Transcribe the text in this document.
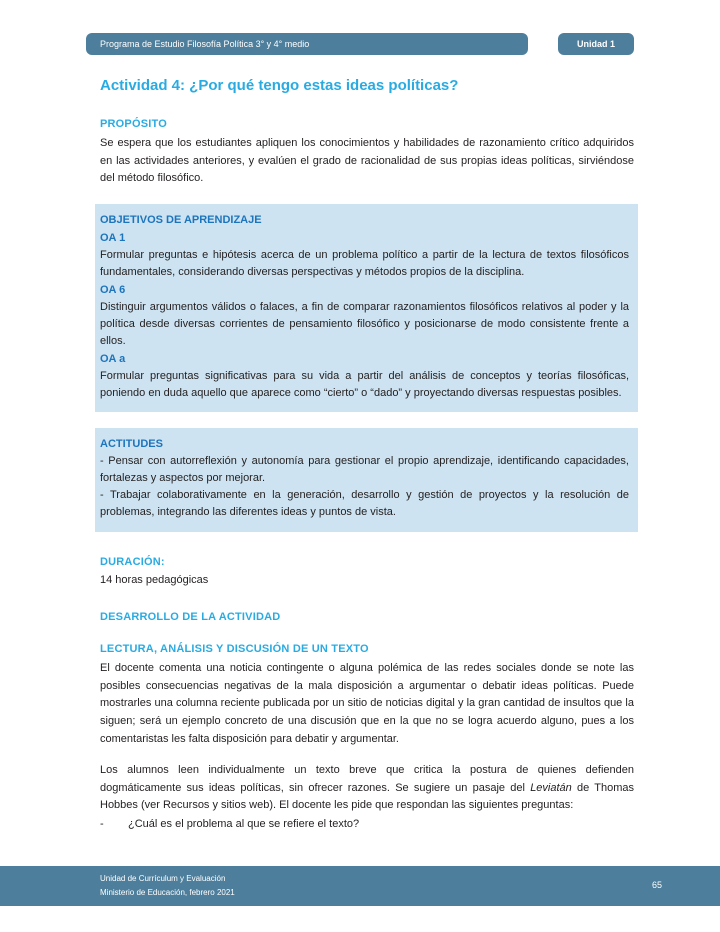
Programa de Estudio Filosofía Política 3° y 4° medio	Unidad 1
Actividad 4: ¿Por qué tengo estas ideas políticas?
PROPÓSITO

Se espera que los estudiantes apliquen los conocimientos y habilidades de razonamiento crítico adquiridos en las actividades anteriores, y evalúen el grado de racionalidad de sus propias ideas políticas, sirviéndose del método filosófico.

OBJETIVOS DE APRENDIZAJE
OA 1

Formular preguntas e hipótesis acerca de un problema político a partir de la lectura de textos filosóficos fundamentales, considerando diversas perspectivas y métodos propios de la disciplina.

OA 6

Distinguir argumentos válidos o falaces, a fin de comparar razonamientos filosóficos relativos al poder y la política desde diversas corrientes de pensamiento filosófico y posicionarse de modo consistente frente a ellos.

OA a

Formular preguntas significativas para su vida a partir del análisis de conceptos y teorías filosóficas, poniendo en duda aquello que aparece como “cierto” o “dado” y proyectando diversas respuestas posibles.

ACTITUDES

- Pensar con autorreflexión y autonomía para gestionar el propio aprendizaje, identificando capacidades, fortalezas y aspectos por mejorar.

- Trabajar colaborativamente en la generación, desarrollo y gestión de proyectos y la resolución de problemas, integrando las diferentes ideas y puntos de vista.

DURACIÓN:

14 horas pedagógicas

DESARROLLO DE LA ACTIVIDAD
LECTURA, ANÁLISIS Y DISCUSIÓN DE UN TEXTO

El docente comenta una noticia contingente o alguna polémica de las redes sociales donde se note las posibles consecuencias negativas de la mala disposición a argumentar o debatir ideas políticas. Puede mostrarles una columna reciente publicada por un sitio de noticias digital y la gran cantidad de insultos que la siguen; será un ejemplo concreto de una discusión que en la que no se logra acuerdo alguno, pues a los comentaristas les falta disposición para debatir y argumentar.

Los alumnos leen individualmente un texto breve que critica la postura de quienes defienden dogmáticamente sus ideas políticas, sin ofrecer razones. Se sugiere un pasaje del Leviatán de Thomas Hobbes (ver Recursos y sitios web). El docente les pide que respondan las siguientes preguntas:

-	¿Cuál es el problema al que se refiere el texto?
Unidad de Currículum y Evaluación
Ministerio de Educación, febrero 2021
65
